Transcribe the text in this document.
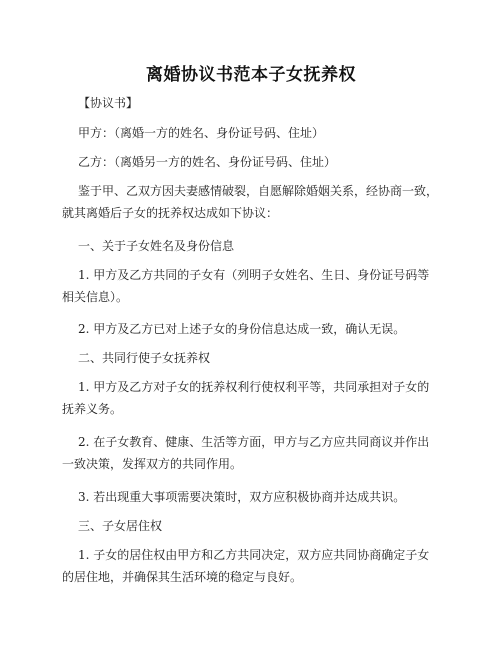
离婚协议书范本子女抚养权

【协议书】

甲方：（离婚一方的姓名、身份证号码、住址）

乙方：（离婚另一方的姓名、身份证号码、住址）

鉴于甲、乙双方因夫妻感情破裂，自愿解除婚姻关系，经协商一致，
就其离婚后子女的抚养权达成如下协议：

一、关于子女姓名及身份信息

1. 甲方及乙方共同的子女有（列明子女姓名、生日、身份证号码等
相关信息）。

2. 甲方及乙方已对上述子女的身份信息达成一致，确认无误。

二、共同行使子女抚养权

1. 甲方及乙方对子女的抚养权利行使权利平等，共同承担对子女的
抚养义务。
2. 在子女教育、健康、生活等方面，甲方与乙方应共同商议并作出
一致决策，发挥双方的共同作用。

3. 若出现重大事项需要决策时，双方应积极协商并达成共识。

三、子女居住权

1. 子女的居住权由甲方和乙方共同决定，双方应共同协商确定子女
的居住地，并确保其生活环境的稳定与良好。
